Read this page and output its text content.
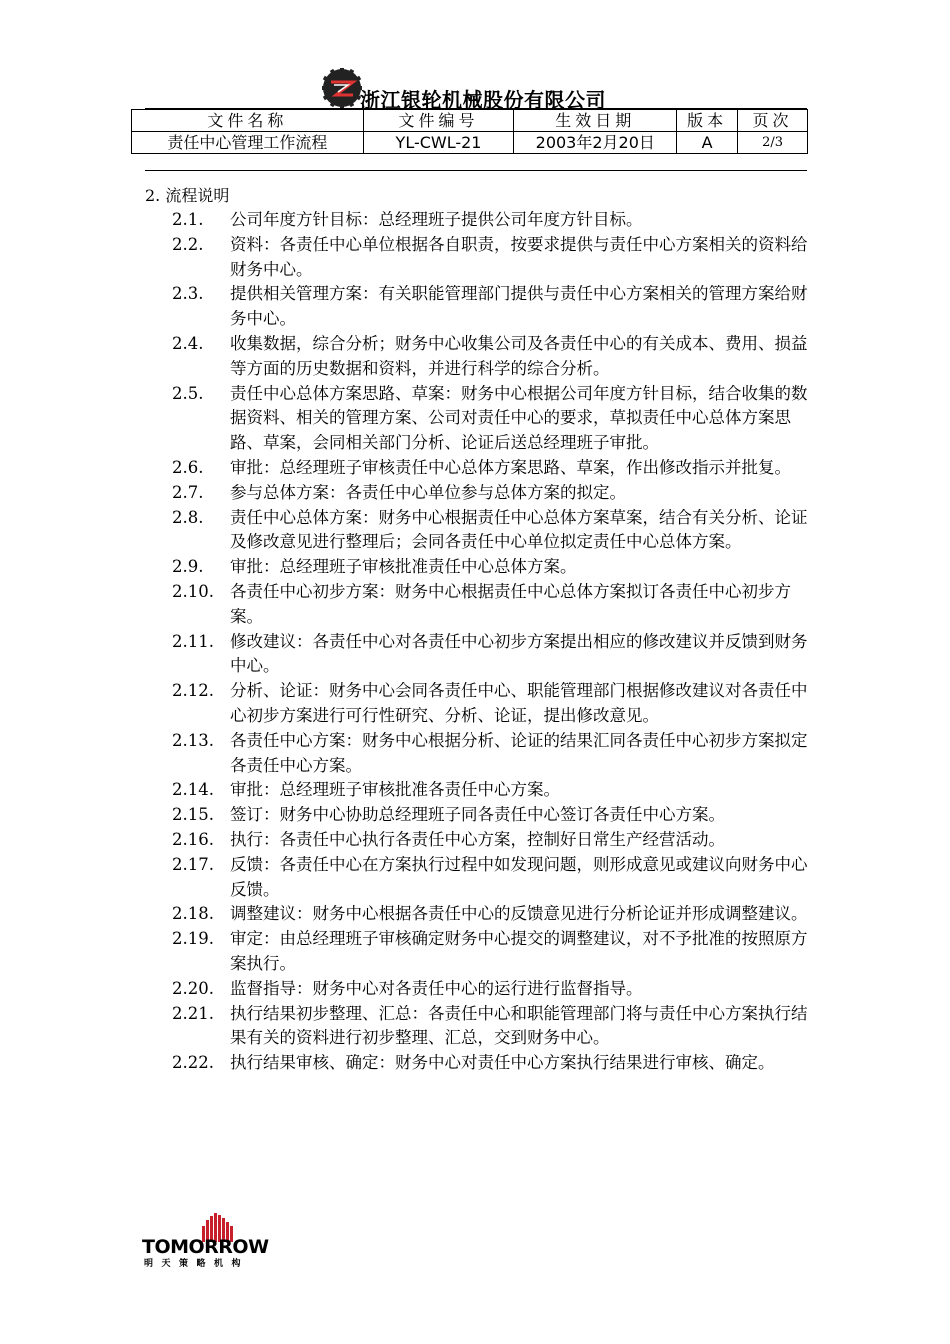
浙江银轮机械股份有限公司
文件名称	文件编号	生效日期	版本	页次
责任中心管理工作流程	YL-CWL-21	2003年2月20日	A	2/3
2. 流程说明
2.1.	公司年度方针目标：总经理班子提供公司年度方针目标。
2.2.	资料：各责任中心单位根据各自职责，按要求提供与责任中心方案相关的资料给财务中心。
2.3.	提供相关管理方案：有关职能管理部门提供与责任中心方案相关的管理方案给财务中心。
2.4.	收集数据，综合分析；财务中心收集公司及各责任中心的有关成本、费用、损益等方面的历史数据和资料，并进行科学的综合分析。
2.5.	责任中心总体方案思路、草案：财务中心根据公司年度方针目标，结合收集的数据资料、相关的管理方案、公司对责任中心的要求，草拟责任中心总体方案思路、草案，会同相关部门分析、论证后送总经理班子审批。
2.6.	审批：总经理班子审核责任中心总体方案思路、草案，作出修改指示并批复。
2.7.	参与总体方案：各责任中心单位参与总体方案的拟定。
2.8.	责任中心总体方案：财务中心根据责任中心总体方案草案，结合有关分析、论证及修改意见进行整理后；会同各责任中心单位拟定责任中心总体方案。
2.9.	审批：总经理班子审核批准责任中心总体方案。
2.10. 各责任中心初步方案：财务中心根据责任中心总体方案拟订各责任中心初步方案。
2.11. 修改建议：各责任中心对各责任中心初步方案提出相应的修改建议并反馈到财务中心。
2.12. 分析、论证：财务中心会同各责任中心、职能管理部门根据修改建议对各责任中心初步方案进行可行性研究、分析、论证，提出修改意见。
2.13. 各责任中心方案：财务中心根据分析、论证的结果汇同各责任中心初步方案拟定各责任中心方案。
2.14. 审批：总经理班子审核批准各责任中心方案。
2.15. 签订：财务中心协助总经理班子同各责任中心签订各责任中心方案。
2.16. 执行：各责任中心执行各责任中心方案，控制好日常生产经营活动。
2.17. 反馈：各责任中心在方案执行过程中如发现问题，则形成意见或建议向财务中心反馈。
2.18. 调整建议：财务中心根据各责任中心的反馈意见进行分析论证并形成调整建议。
2.19. 审定：由总经理班子审核确定财务中心提交的调整建议，对不予批准的按照原方案执行。
2.20. 监督指导：财务中心对各责任中心的运行进行监督指导。
2.21. 执行结果初步整理、汇总：各责任中心和职能管理部门将与责任中心方案执行结果有关的资料进行初步整理、汇总，交到财务中心。
2.22. 执行结果审核、确定：财务中心对责任中心方案执行结果进行审核、确定。
TOMORROW
明天策略机构
